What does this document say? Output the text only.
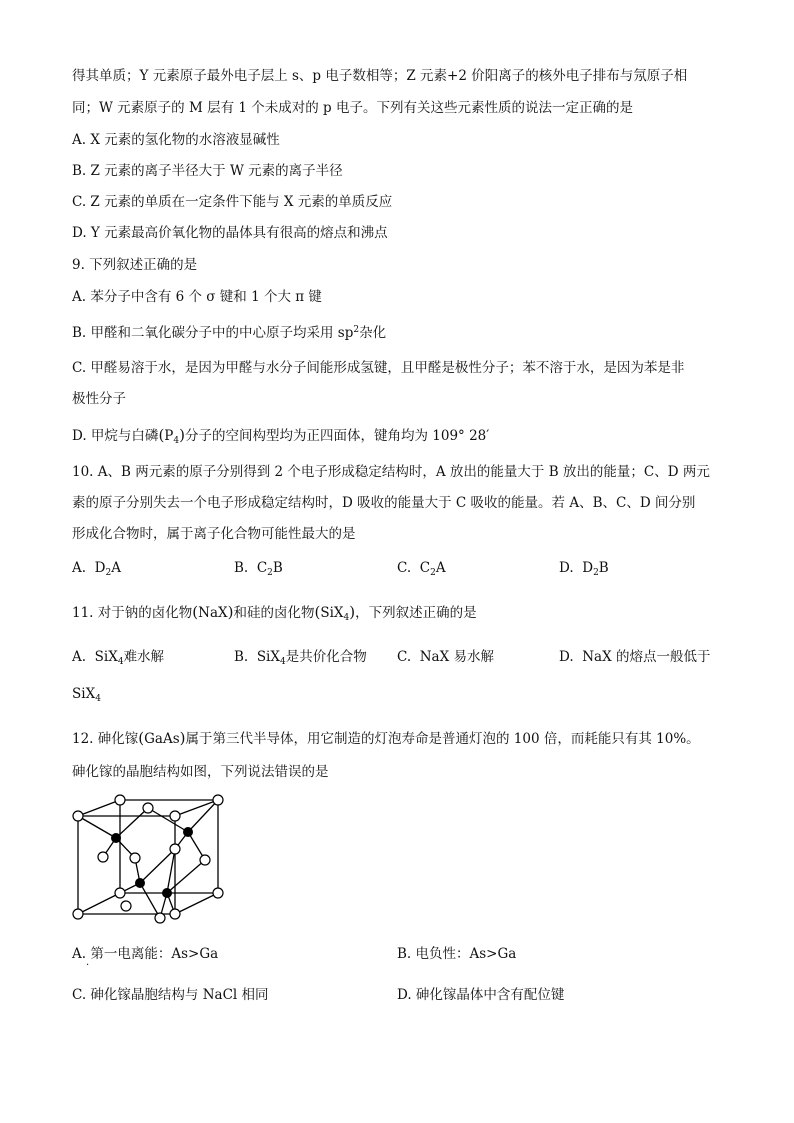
得其单质；Y 元素原子最外电子层上 s、p 电子数相等；Z 元素+2 价阳离子的核外电子排布与氖原子相
同；W 元素原子的 M 层有 1 个未成对的 p 电子。下列有关这些元素性质的说法一定正确的是
A. X 元素的氢化物的水溶液显碱性
B. Z 元素的离子半径大于 W 元素的离子半径
C. Z 元素的单质在一定条件下能与 X 元素的单质反应
D. Y 元素最高价氧化物的晶体具有很高的熔点和沸点
9. 下列叙述正确的是
A. 苯分子中含有 6 个 σ 键和 1 个大 π 键
B. 甲醛和二氧化碳分子中的中心原子均采用 $sp^2$杂化
C. 甲醛易溶于水，是因为甲醛与水分子间能形成氢键，且甲醛是极性分子；苯不溶于水，是因为苯是非
极性分子
D. 甲烷与白磷$(P_4)$分子的空间构型均为正四面体，键角均为 109° 28′
10. A、B 两元素的原子分别得到 2 个电子形成稳定结构时，A 放出的能量大于 B 放出的能量；C、D 两元
素的原子分别失去一个电子形成稳定结构时，D 吸收的能量大于 C 吸收的能量。若 A、B、C、D 间分别
形成化合物时，属于离子化合物可能性最大的是
A. $D_2A$	B. $C_2B$	C. $C_2A$	D. $D_2B$
11. 对于钠的卤化物(NaX)和硅的卤化物(SiX$_4$)，下列叙述正确的是
A. SiX$_4$难水解	B. SiX$_4$是共价化合物 C. NaX 易水解	D. NaX 的熔点一般低于
SiX$_4$
12. 砷化镓(GaAs)属于第三代半导体，用它制造的灯泡寿命是普通灯泡的 100 倍，而耗能只有其 10%。
砷化镓的晶胞结构如图，下列说法错误的是
A. 第一电离能：As>Ga	B. 电负性：As>Ga
·
C. 砷化镓晶胞结构与 NaCl 相同	D. 砷化镓晶体中含有配位键
